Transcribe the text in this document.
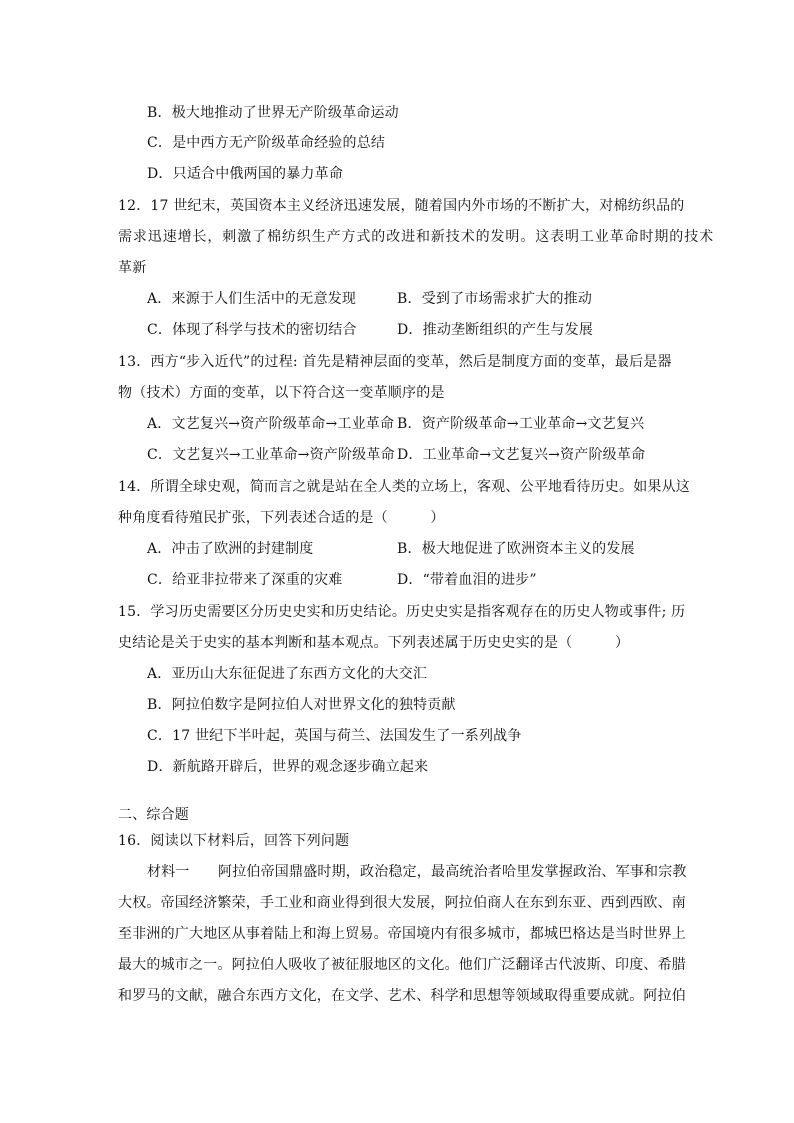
B．极大地推动了世界无产阶级革命运动
C．是中西方无产阶级革命经验的总结
D．只适合中俄两国的暴力革命
12．17 世纪末，英国资本主义经济迅速发展，随着国内外市场的不断扩大，对棉纺织品的
需求迅速增长，刺激了棉纺织生产方式的改进和新技术的发明。这表明工业革命时期的技术
革新
A．来源于人们生活中的无意发现	B．受到了市场需求扩大的推动
C．体现了科学与技术的密切结合	D．推动垄断组织的产生与发展
13．西方“步入近代”的过程: 首先是精神层面的变革，然后是制度方面的变革，最后是器
物（技术）方面的变革，以下符合这一变革顺序的是
A．文艺复兴→资产阶级革命→工业革命 B．资产阶级革命→工业革命→文艺复兴
C．文艺复兴→工业革命→资产阶级革命 D．工业革命→文艺复兴→资产阶级革命
14．所谓全球史观，简而言之就是站在全人类的立场上，客观、公平地看待历史。如果从这
种角度看待殖民扩张，下列表述合适的是（　　　）
A．冲击了欧洲的封建制度	B．极大地促进了欧洲资本主义的发展
C．给亚非拉带来了深重的灾难	D．“带着血泪的进步”
15．学习历史需要区分历史史实和历史结论。历史史实是指客观存在的历史人物或事件; 历
史结论是关于史实的基本判断和基本观点。下列表述属于历史史实的是（　　　）
A．亚历山大东征促进了东西方文化的大交汇
B．阿拉伯数字是阿拉伯人对世界文化的独特贡献
C．17 世纪下半叶起，英国与荷兰、法国发生了一系列战争
D．新航路开辟后，世界的观念逐步确立起来
二、综合题
16．阅读以下材料后，回答下列问题
材料一　　阿拉伯帝国鼎盛时期，政治稳定，最高统治者哈里发掌握政治、军事和宗教
大权。帝国经济繁荣，手工业和商业得到很大发展，阿拉伯商人在东到东亚、西到西欧、南
至非洲的广大地区从事着陆上和海上贸易。帝国境内有很多城市，都城巴格达是当时世界上
最大的城市之一。阿拉伯人吸收了被征服地区的文化。他们广泛翻译古代波斯、印度、希腊
和罗马的文献，融合东西方文化，在文学、艺术、科学和思想等领域取得重要成就。阿拉伯
